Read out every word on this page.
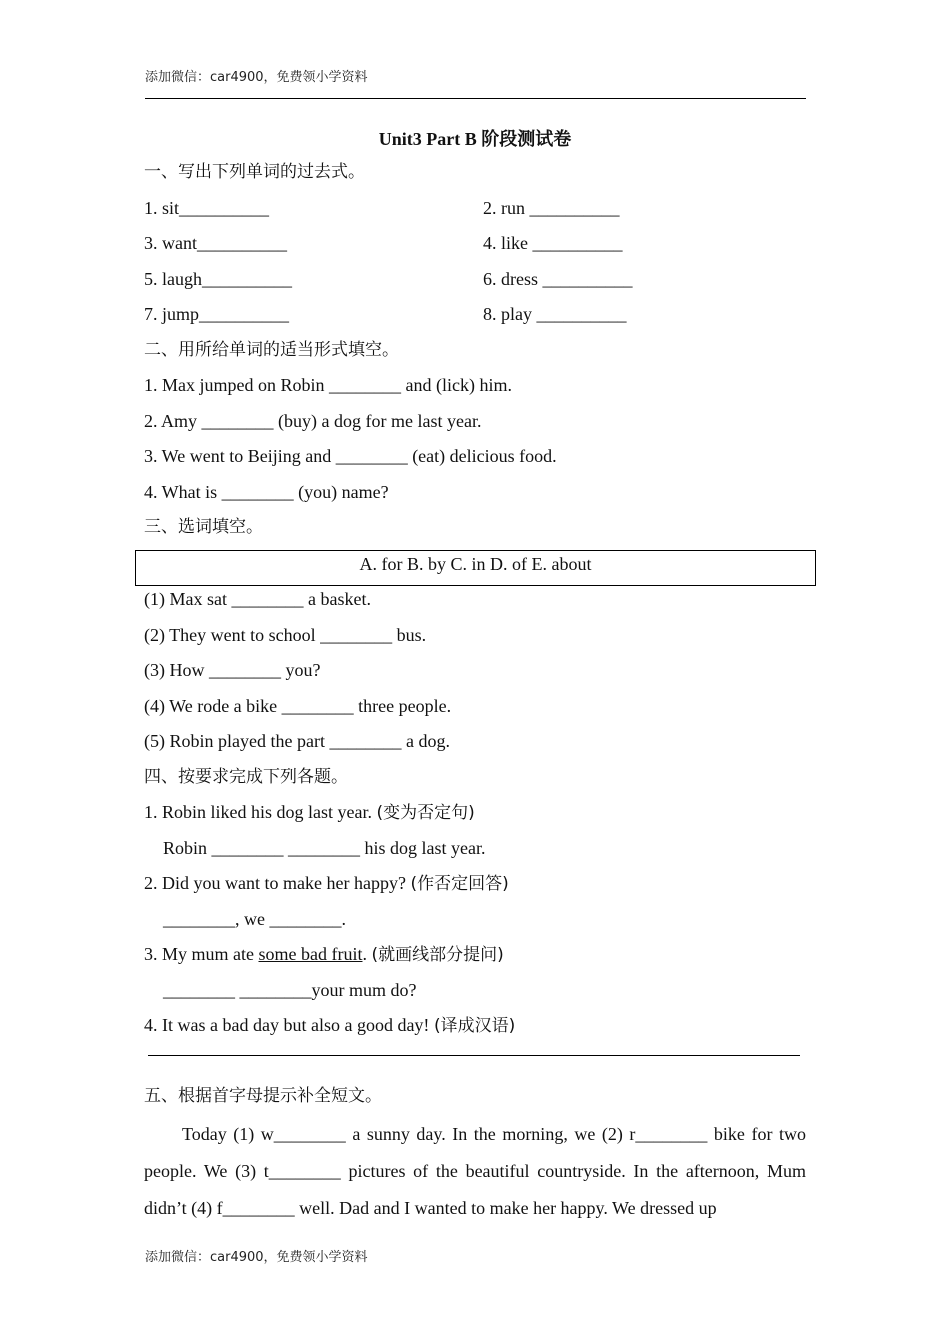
添加微信：car4900，免费领小学资料
Unit3 Part B 阶段测试卷
一、写出下列单词的过去式。
1. sit__________	2. run __________
3. want__________	4. like __________
5. laugh__________	6. dress __________
7. jump__________	8. play __________
二、用所给单词的适当形式填空。
1. Max jumped on Robin ________ and (lick) him.
2. Amy ________ (buy) a dog for me last year.
3. We went to Beijing and ________ (eat) delicious food.
4. What is ________ (you) name?
三、选词填空。
A. for B. by C. in D. of E. about
(1) Max sat ________ a basket.
(2) They went to school ________ bus.
(3) How ________ you?
(4) We rode a bike ________ three people.
(5) Robin played the part ________ a dog.
四、按要求完成下列各题。
1. Robin liked his dog last year. (变为否定句)
Robin ________ ________ his dog last year.
2. Did you want to make her happy? (作否定回答)
________, we ________.
3. My mum ate some bad fruit. (就画线部分提问)
________ ________your mum do?
4. It was a bad day but also a good day! (译成汉语)
五、根据首字母提示补全短文。
Today (1) w________ a sunny day. In the morning, we (2) r________ bike for two people. We (3) t________ pictures of the beautiful countryside. In the afternoon, Mum didn’t (4) f________ well. Dad and I wanted to make her happy. We dressed up
添加微信：car4900，免费领小学资料
